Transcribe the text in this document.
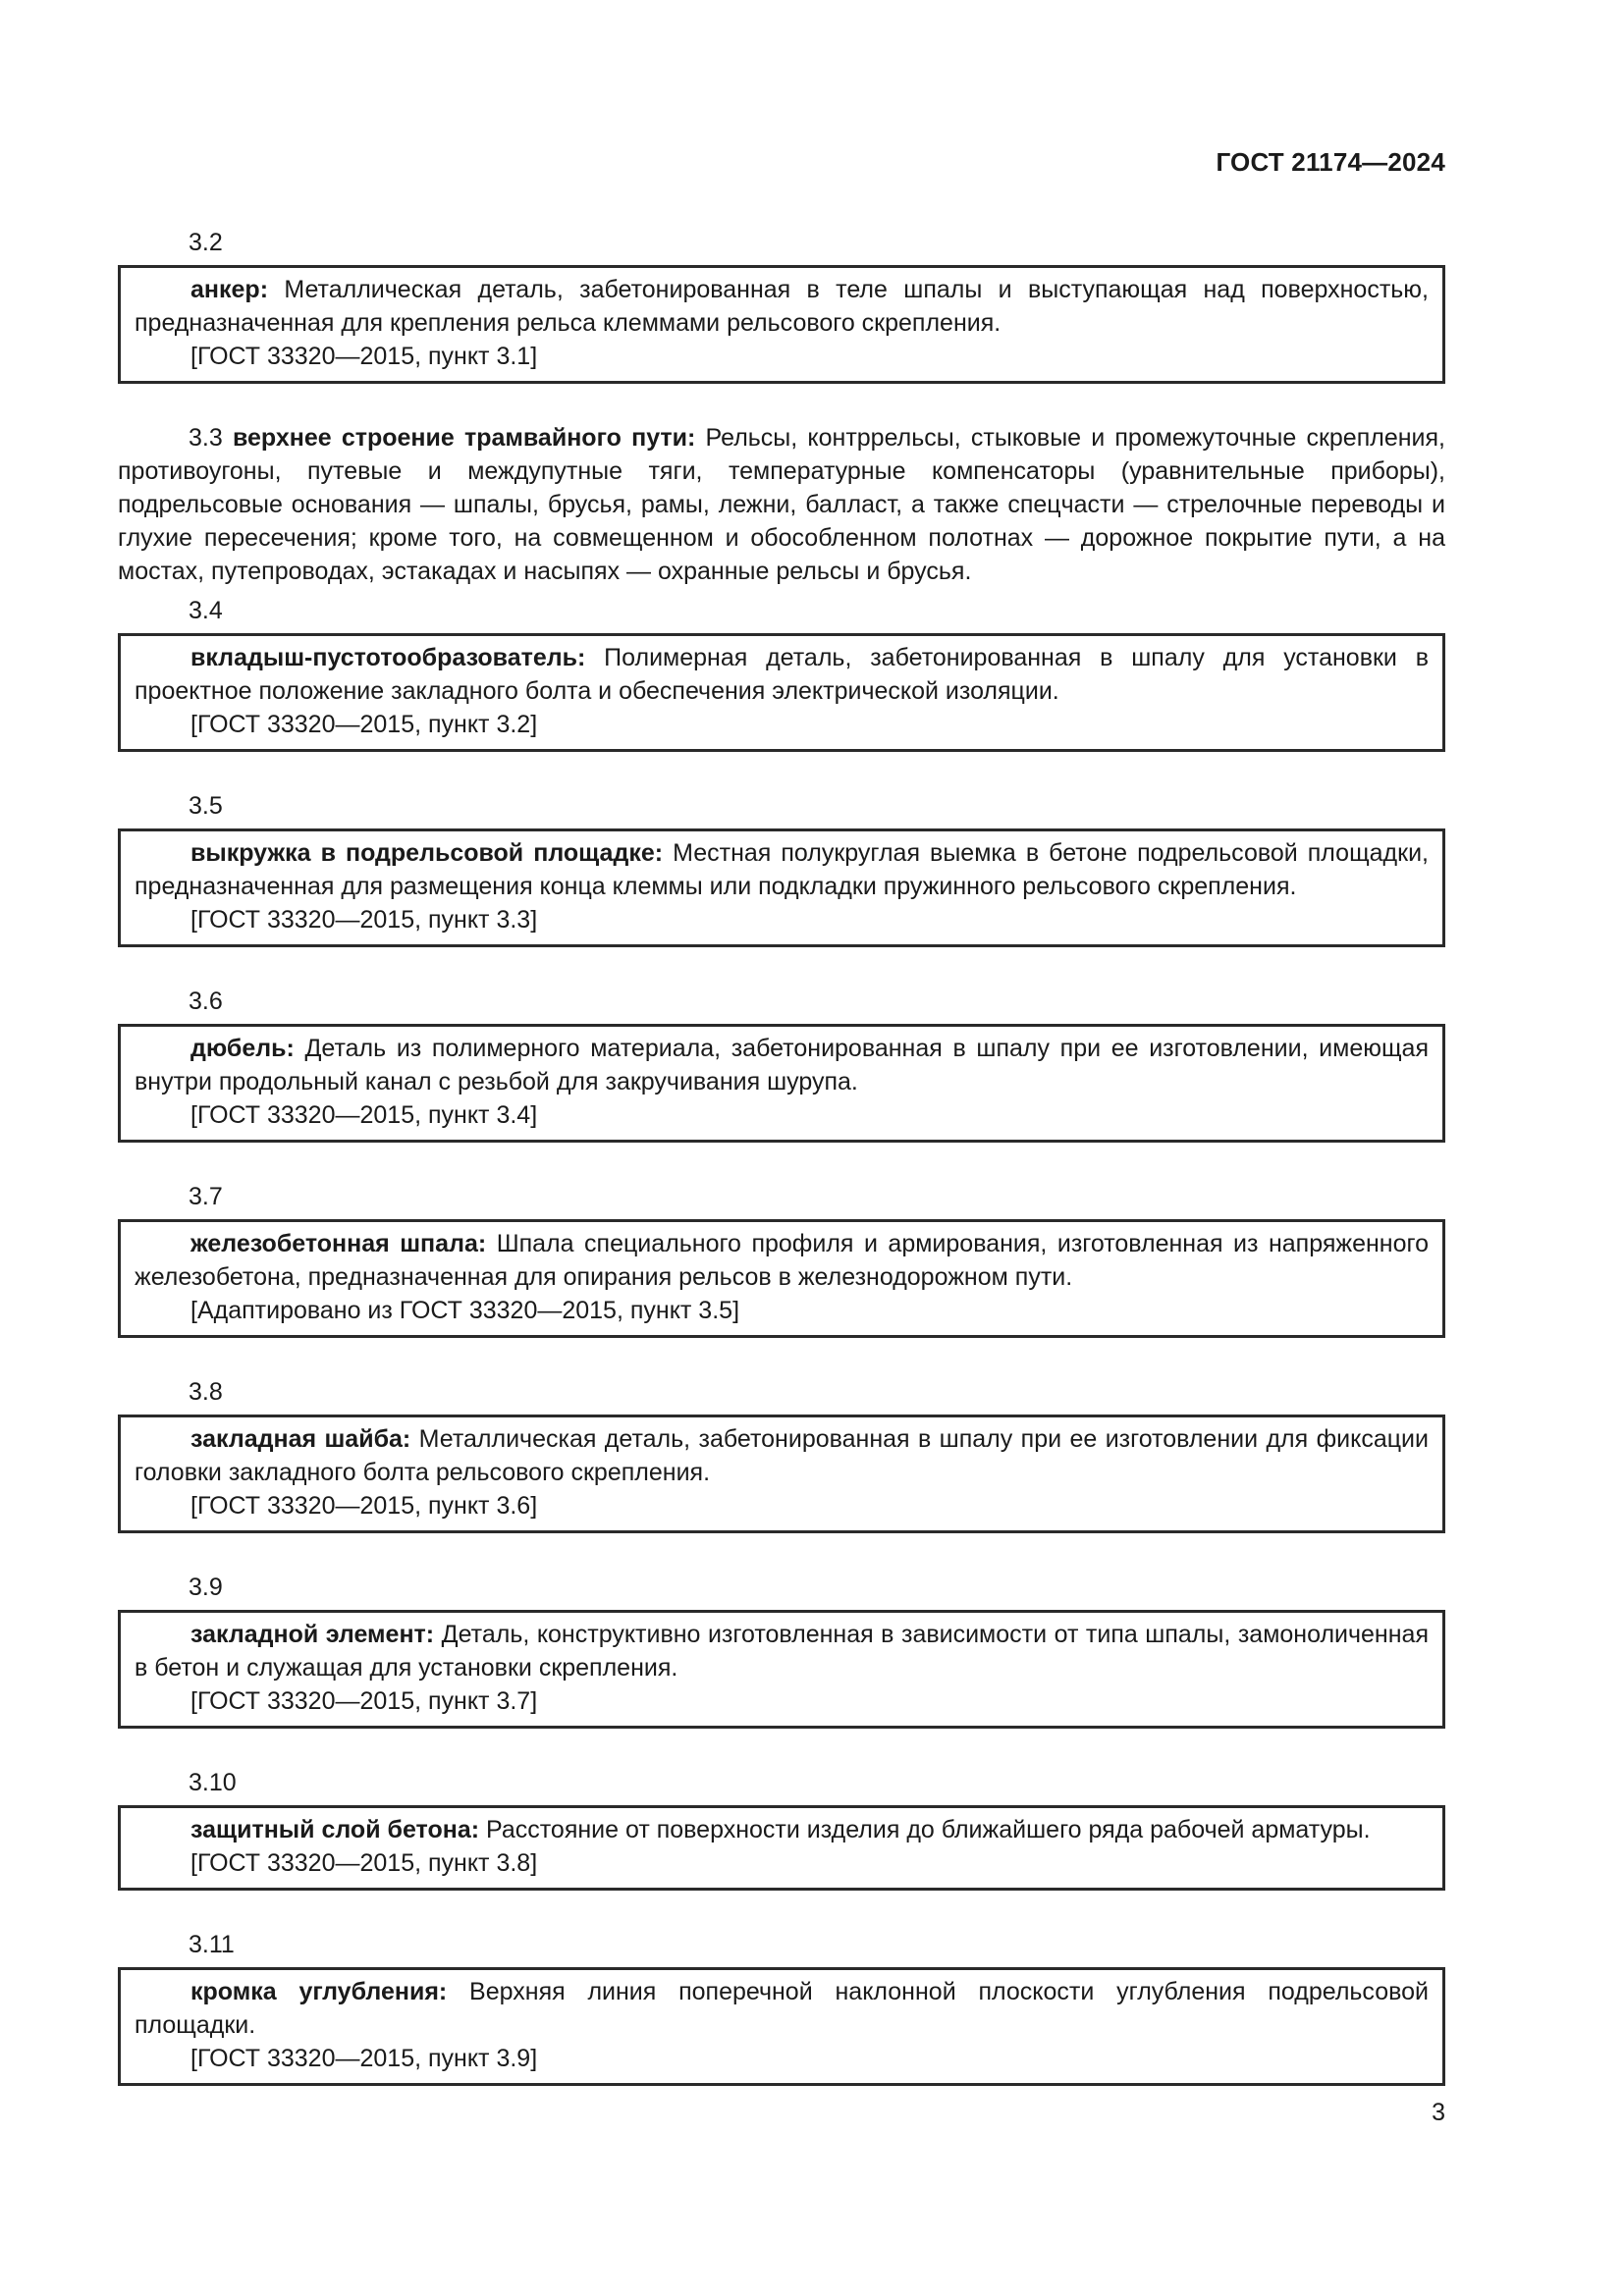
ГОСТ 21174—2024

3.2

анкер: Металлическая деталь, забетонированная в теле шпалы и выступающая над поверхностью, предназначенная для крепления рельса клеммами рельсового скрепления.

[ГОСТ 33320—2015, пункт 3.1]

3.3 верхнее строение трамвайного пути: Рельсы, контррельсы, стыковые и промежуточные скрепления, противоугоны, путевые и междупутные тяги, температурные компенсаторы (уравнительные приборы), подрельсовые основания — шпалы, брусья, рамы, лежни, балласт, а также спецчасти — стрелочные переводы и глухие пересечения; кроме того, на совмещенном и обособленном полотнах — дорожное покрытие пути, а на мостах, путепроводах, эстакадах и насыпях — охранные рельсы и брусья.

3.4

вкладыш-пустотообразователь: Полимерная деталь, забетонированная в шпалу для установки в проектное положение закладного болта и обеспечения электрической изоляции.

[ГОСТ 33320—2015, пункт 3.2]

3.5

выкружка в подрельсовой площадке: Местная полукруглая выемка в бетоне подрельсовой площадки, предназначенная для размещения конца клеммы или подкладки пружинного рельсового скрепления.

[ГОСТ 33320—2015, пункт 3.3]

3.6

дюбель: Деталь из полимерного материала, забетонированная в шпалу при ее изготовлении, имеющая внутри продольный канал с резьбой для закручивания шурупа.

[ГОСТ 33320—2015, пункт 3.4]

3.7

железобетонная шпала: Шпала специального профиля и армирования, изготовленная из напряженного железобетона, предназначенная для опирания рельсов в железнодорожном пути.

[Адаптировано из ГОСТ 33320—2015, пункт 3.5]

3.8

закладная шайба: Металлическая деталь, забетонированная в шпалу при ее изготовлении для фиксации головки закладного болта рельсового скрепления.

[ГОСТ 33320—2015, пункт 3.6]

3.9

закладной элемент: Деталь, конструктивно изготовленная в зависимости от типа шпалы, замоноличенная в бетон и служащая для установки скрепления.

[ГОСТ 33320—2015, пункт 3.7]

3.10

защитный слой бетона: Расстояние от поверхности изделия до ближайшего ряда рабочей арматуры.

[ГОСТ 33320—2015, пункт 3.8]

3.11

кромка углубления: Верхняя линия поперечной наклонной плоскости углубления подрельсовой площадки.

[ГОСТ 33320—2015, пункт 3.9]

3
